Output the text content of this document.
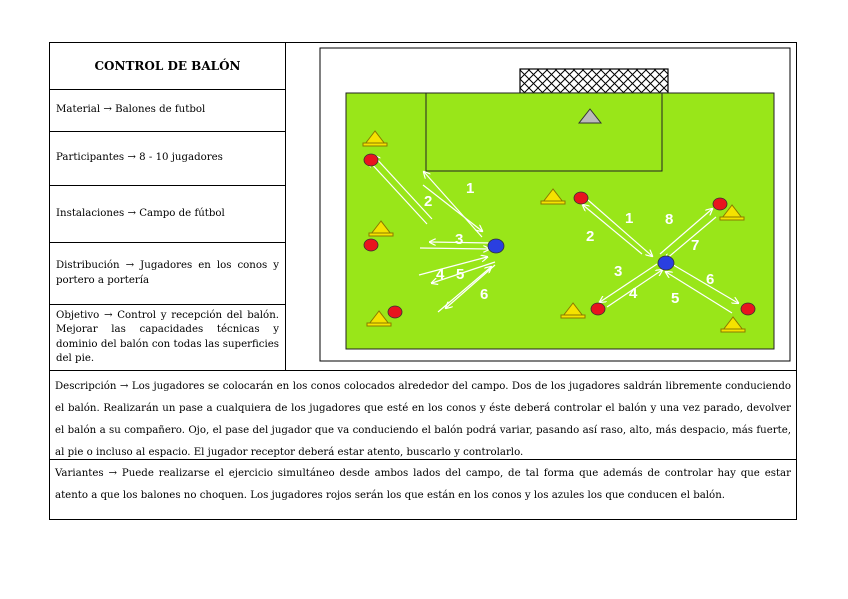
CONTROL DE BALÓN
Material → Balones de futbol
Participantes → 8 - 10 jugadores
Instalaciones → Campo de fútbol
Distribución → Jugadores en los conos y portero a portería
Objetivo → Control y recepción del balón. Mejorar las capacidades técnicas y dominio del balón con todas las superficies del pie.
1
2
3
4 5
6
1
2
3
4 5
6
7
8
Descripción → Los jugadores se colocarán en los conos colocados alrededor del campo. Dos de los jugadores saldrán libremente conduciendo el balón. Realizarán un pase a cualquiera de los jugadores que esté en los conos y éste deberá controlar el balón y una vez parado, devolver el balón a su compañero. Ojo, el pase del jugador que va conduciendo el balón podrá variar, pasando así raso, alto, más despacio, más fuerte, al pie o incluso al espacio. El jugador receptor deberá estar atento, buscarlo y controlarlo.
Variantes → Puede realizarse el ejercicio simultáneo desde ambos lados del campo, de tal forma que además de controlar hay que estar atento a que los balones no choquen. Los jugadores rojos serán los que están en los conos y los azules los que conducen el balón.
